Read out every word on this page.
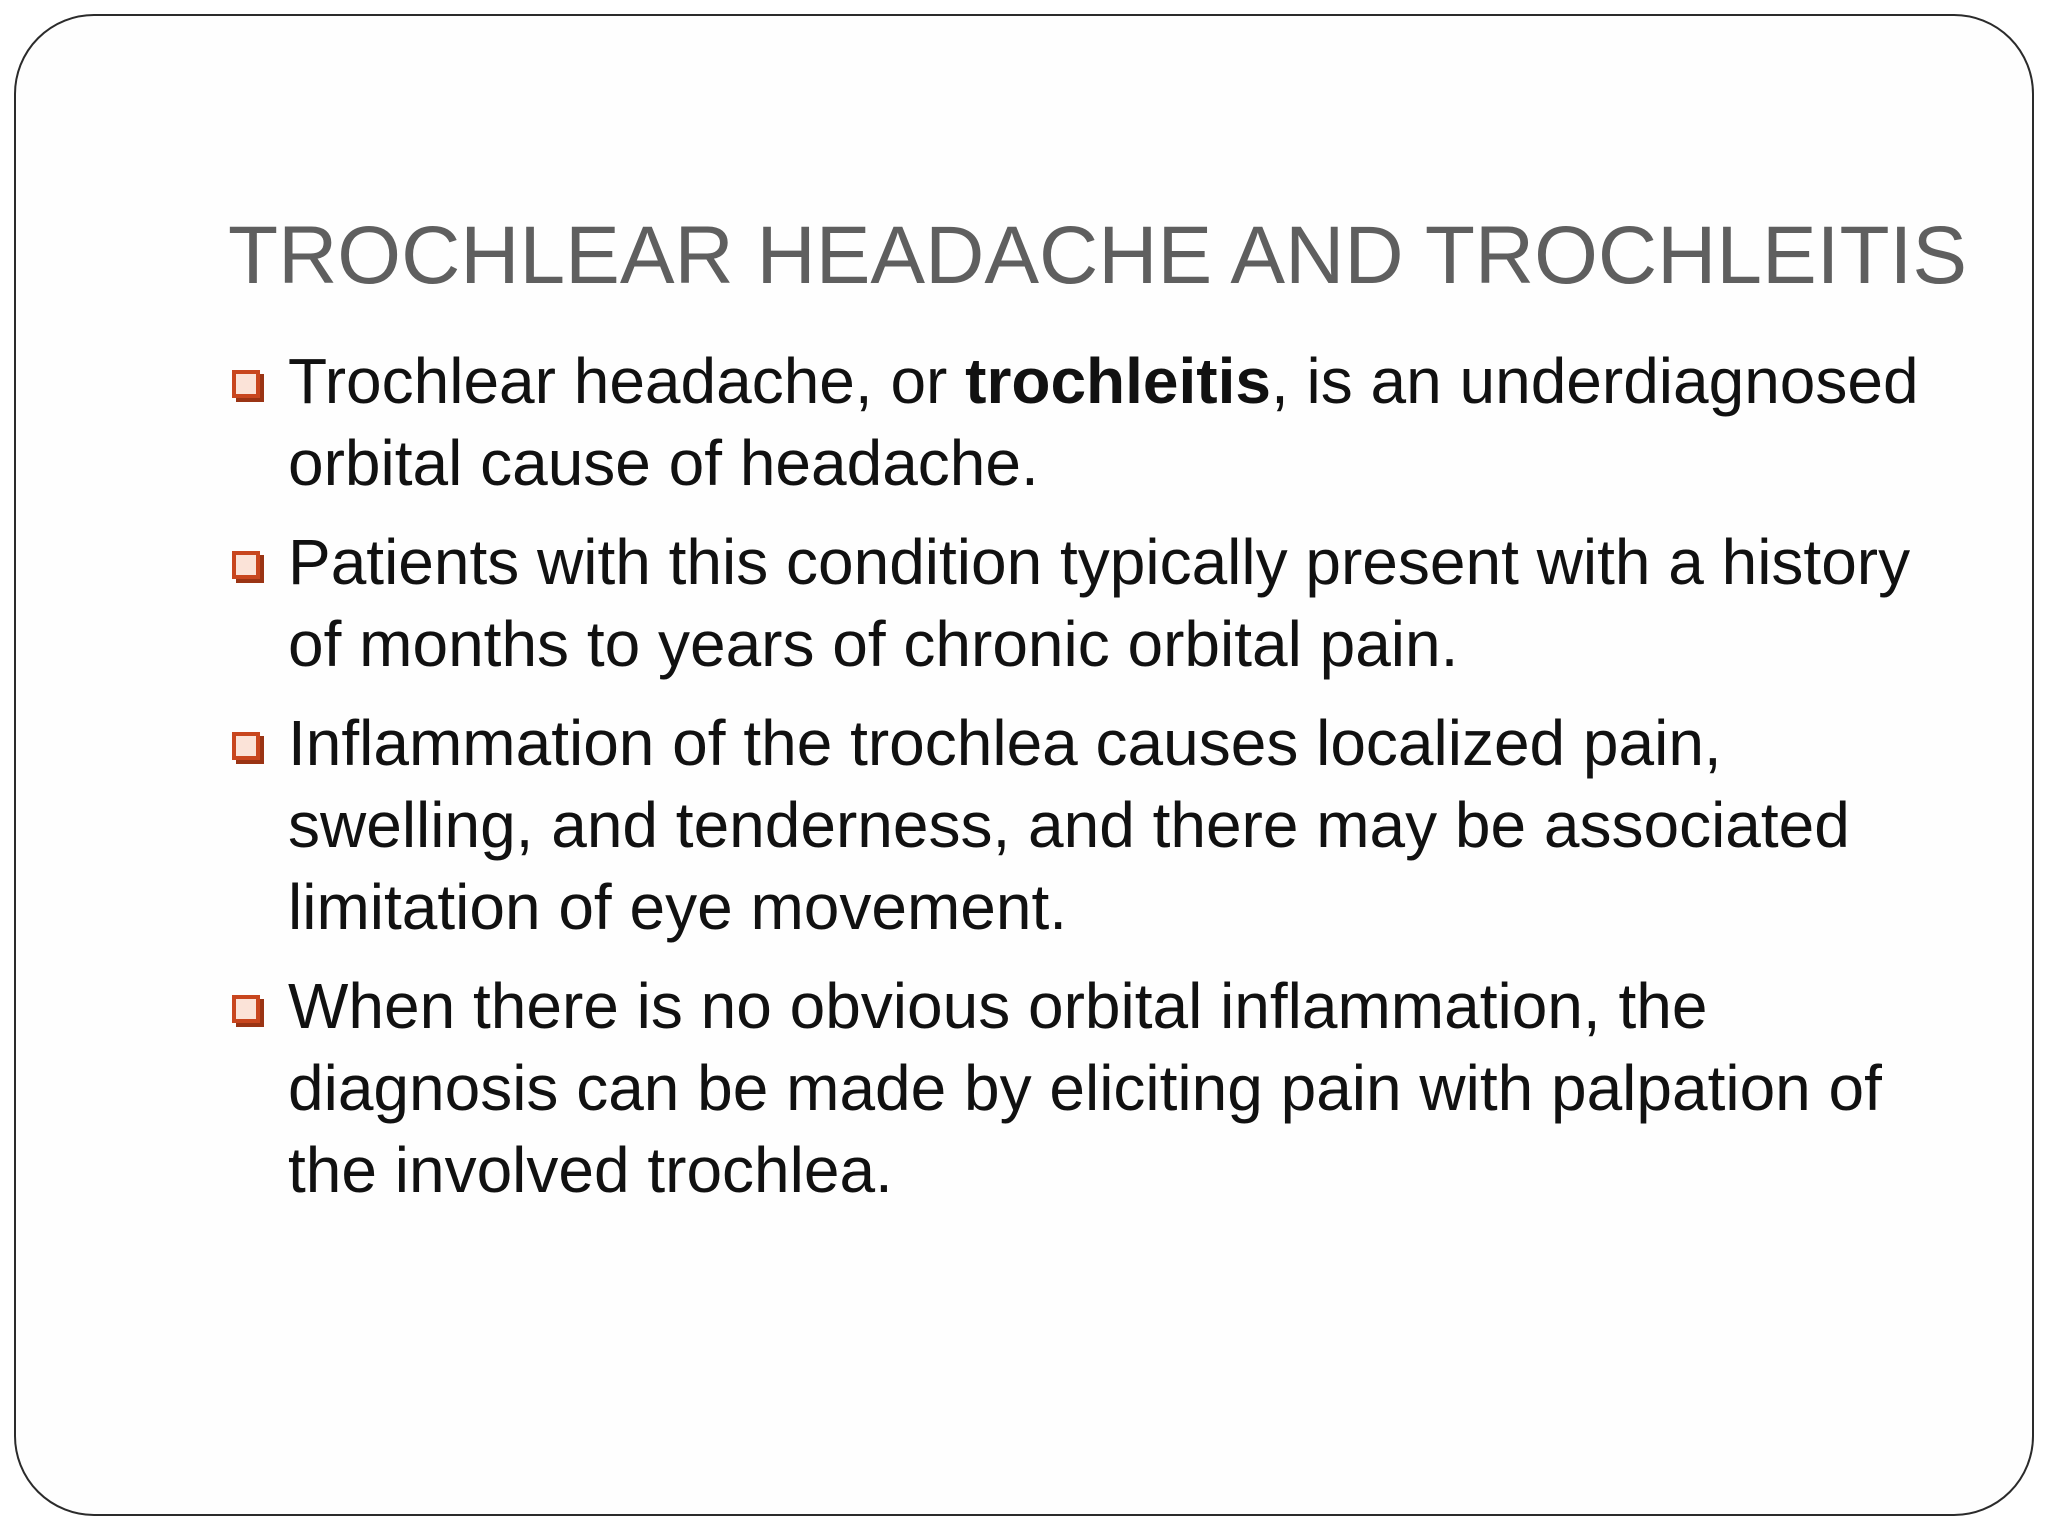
TROCHLEAR HEADACHE AND TROCHLEITIS
Trochlear headache, or trochleitis, is an underdiagnosed orbital cause of headache.
Patients with this condition typically present with a history of months to years of chronic orbital pain.
Inflammation of the trochlea causes localized pain, swelling, and tenderness, and there may be associated limitation of eye movement.
When there is no obvious orbital inflammation, the diagnosis can be made by eliciting pain with palpation of the involved trochlea.
